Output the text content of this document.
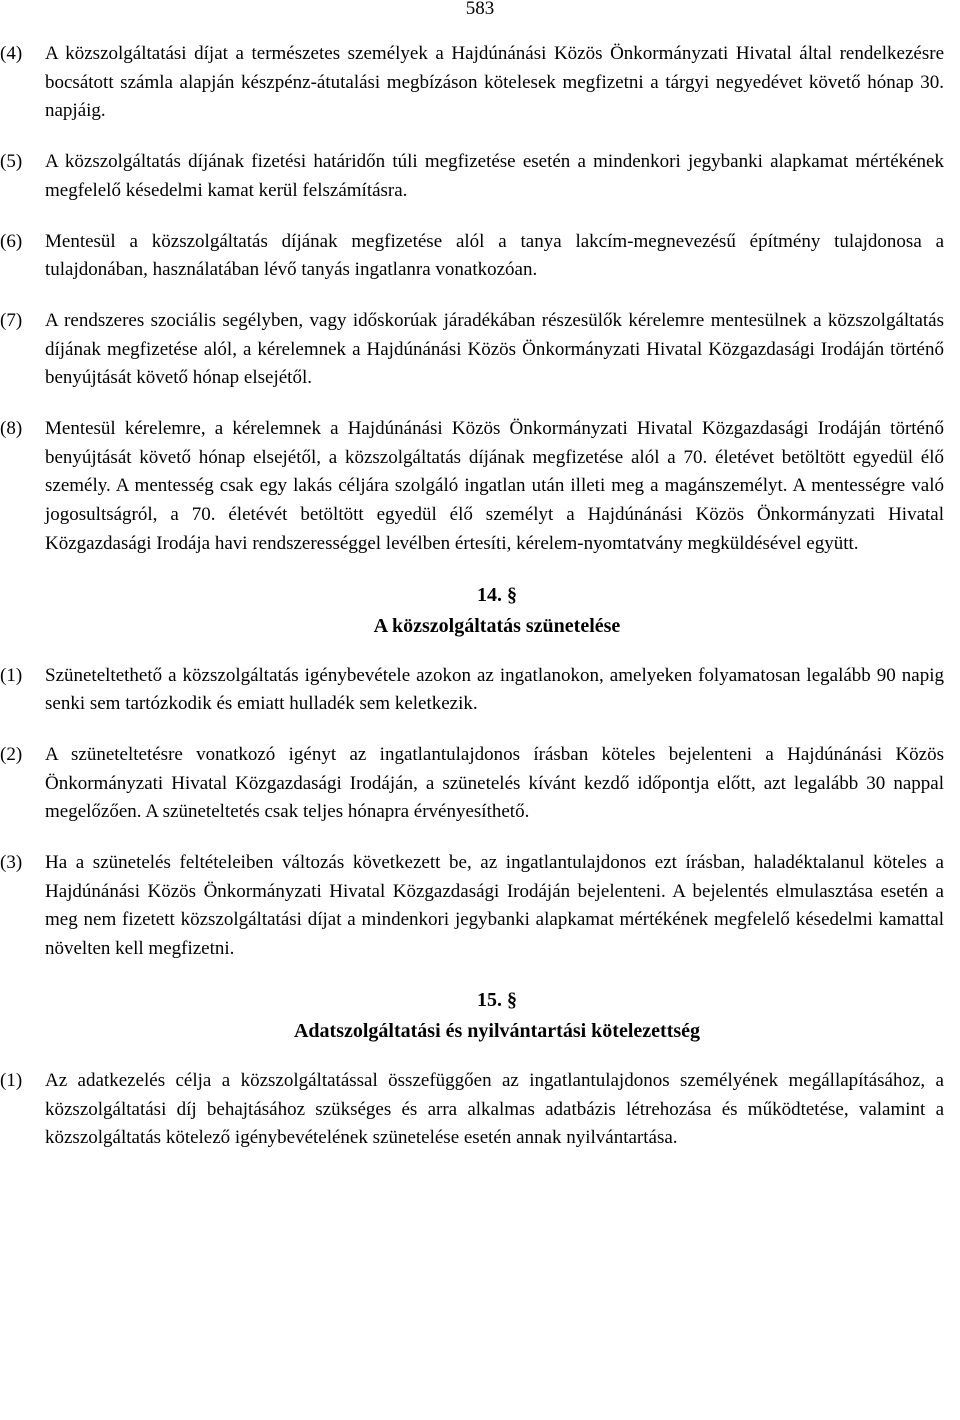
583
(4) A közszolgáltatási díjat a természetes személyek a Hajdúnánási Közös Önkormányzati Hivatal által rendelkezésre bocsátott számla alapján készpénz-átutalási megbízáson kötelesek megfizetni a tárgyi negyedévet követő hónap 30. napjáig.
(5) A közszolgáltatás díjának fizetési határidőn túli megfizetése esetén a mindenkori jegybanki alapkamat mértékének megfelelő késedelmi kamat kerül felszámításra.
(6) Mentesül a közszolgáltatás díjának megfizetése alól a tanya lakcím-megnevezésű építmény tulajdonosa a tulajdonában, használatában lévő tanyás ingatlanra vonatkozóan.
(7) A rendszeres szociális segélyben, vagy időskorúak járadékában részesülők kérelemre mentesülnek a közszolgáltatás díjának megfizetése alól, a kérelemnek a Hajdúnánási Közös Önkormányzati Hivatal Közgazdasági Irodáján történő benyújtását követő hónap elsejétől.
(8) Mentesül kérelemre, a kérelemnek a Hajdúnánási Közös Önkormányzati Hivatal Közgazdasági Irodáján történő benyújtását követő hónap elsejétől, a közszolgáltatás díjának megfizetése alól a 70. életévet betöltött egyedül élő személy. A mentesség csak egy lakás céljára szolgáló ingatlan után illeti meg a magánszemélyt. A mentességre való jogosultságról, a 70. életévét betöltött egyedül élő személyt a Hajdúnánási Közös Önkormányzati Hivatal Közgazdasági Irodája havi rendszerességgel levélben értesíti, kérelem-nyomtatvány megküldésével együtt.
14. §
A közszolgáltatás szünetelése
(1) Szüneteltethető a közszolgáltatás igénybevétele azokon az ingatlanokon, amelyeken folyamatosan legalább 90 napig senki sem tartózkodik és emiatt hulladék sem keletkezik.
(2) A szüneteltetésre vonatkozó igényt az ingatlantulajdonos írásban köteles bejelenteni a Hajdúnánási Közös Önkormányzati Hivatal Közgazdasági Irodáján, a szünetelés kívánt kezdő időpontja előtt, azt legalább 30 nappal megelőzően. A szüneteltetés csak teljes hónapra érvényesíthető.
(3) Ha a szünetelés feltételeiben változás következett be, az ingatlantulajdonos ezt írásban, haladéktalanul köteles a Hajdúnánási Közös Önkormányzati Hivatal Közgazdasági Irodáján bejelenteni. A bejelentés elmulasztása esetén a meg nem fizetett közszolgáltatási díjat a mindenkori jegybanki alapkamat mértékének megfelelő késedelmi kamattal növelten kell megfizetni.
15. §
Adatszolgáltatási és nyilvántartási kötelezettség
(1) Az adatkezelés célja a közszolgáltatással összefüggően az ingatlantulajdonos személyének megállapításához, a közszolgáltatási díj behajtásához szükséges és arra alkalmas adatbázis létrehozása és működtetése, valamint a közszolgáltatás kötelező igénybevételének szünetelése esetén annak nyilvántartása.
